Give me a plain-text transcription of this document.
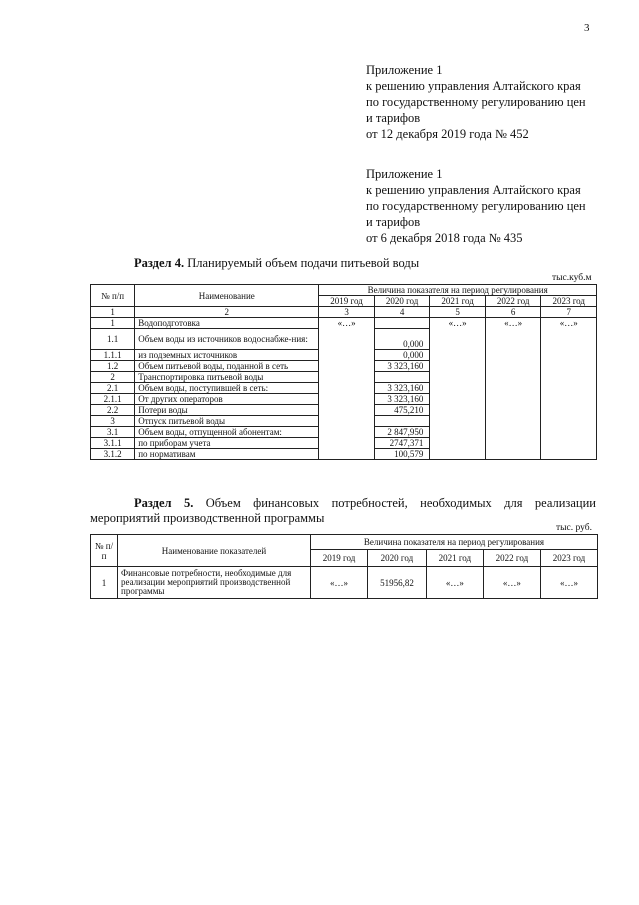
3
Приложение 1
к решению управления Алтайского края
по государственному регулированию цен
и тарифов
от 12 декабря 2019 года № 452
Приложение 1
к решению управления Алтайского края
по государственному регулированию цен
и тарифов
от 6 декабря 2018 года № 435
Раздел 4. Планируемый объем подачи питьевой воды
тыс.куб.м
№ п/п	Наименование	Величина показателя на период регулирования				
		2019 год	2020 год	2021 год	2022 год	2023 год
1	2	3	4	5	6	7
1	Водоподготовка	«…»		«…»	«…»	«…»
1.1	Объем воды из источников водоснабже-ния:		0,000			
1.1.1	из подземных источников		0,000			
1.2	Объем питьевой воды, поданной в сеть		3 323,160			
2	Транспортировка питьевой воды					
2.1	Объем воды, поступившей в сеть:		3 323,160			
2.1.1	От других операторов		3 323,160			
2.2	Потери воды		475,210			
3	Отпуск питьевой воды					
3.1	Объем воды, отпущенной абонентам:		2 847,950			
3.1.1	по приборам учета		2747,371			
3.1.2	по нормативам		100,579			
Раздел 5. Объем финансовых потребностей, необходимых для реализации
мероприятий производственной программы
тыс. руб.
№ п/ п	Наименование показателей	Величина показателя на период регулирования				
		2019 год	2020 год	2021 год	2022 год	2023 год
1	Финансовые потребности, необходимые для реализации мероприятий производственной программы	«…»	51956,82	«…»	«…»	«…»
